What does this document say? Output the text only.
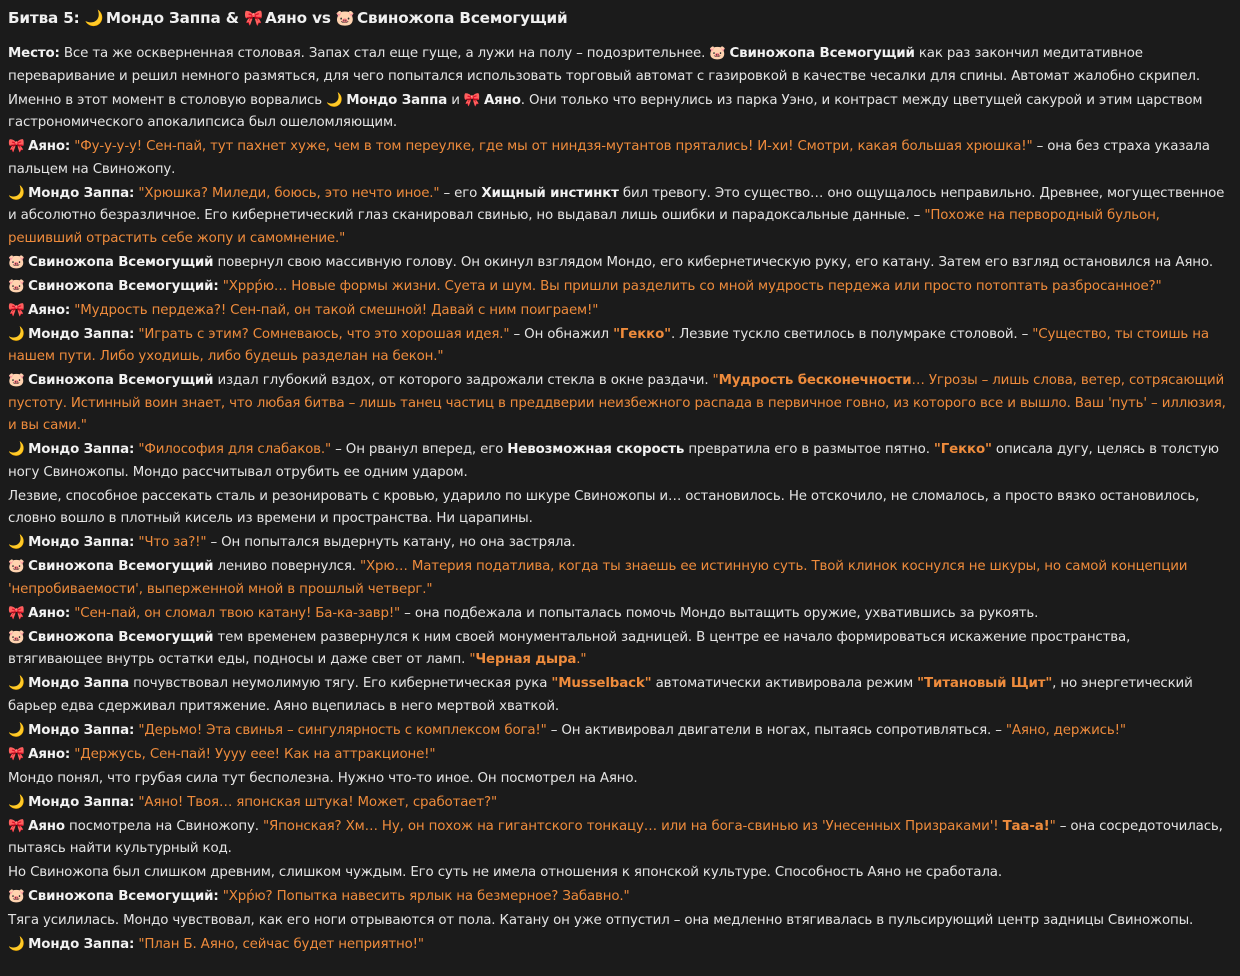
Битва 5: 🌙 Мондо Заппа & 🎀 Аяно vs 🐷 Свиножопа Всемогущий

Место: Все та же оскверненная столовая. Запах стал еще гуще, а лужи на полу – подозрительнее. 🐷 Свиножопа Всемогущий как раз закончил медитативное переваривание и решил немного размяться, для чего попытался использовать торговый автомат с газировкой в качестве чесалки для спины. Автомат жалобно скрипел.

Именно в этот момент в столовую ворвались 🌙 Мондо Заппа и 🎀 Аяно. Они только что вернулись из парка Уэно, и контраст между цветущей сакурой и этим царством гастрономического апокалипсиса был ошеломляющим.

🎀 Аяно: "Фу-у-у-у! Сен-пай, тут пахнет хуже, чем в том переулке, где мы от ниндзя-мутантов прятались! И-хи! Смотри, какая большая хрюшка!" – она без страха указала пальцем на Свиножопу.

🌙 Мондо Заппа: "Хрюшка? Миледи, боюсь, это нечто иное." – его Хищный инстинкт бил тревогу. Это существо… оно ощущалось неправильно. Древнее, могущественное и абсолютно безразличное. Его кибернетический глаз сканировал свинью, но выдавал лишь ошибки и парадоксальные данные. – "Похоже на первородный бульон, решивший отрастить себе жопу и самомнение."

🐷 Свиножопа Всемогущий повернул свою массивную голову. Он окинул взглядом Мондо, его кибернетическую руку, его катану. Затем его взгляд остановился на Аяно.

🐷 Свиножопа Всемогущий: "Хррр́ю… Новые формы жизни. Суета и шум. Вы пришли разделить со мной мудрость пердежа или просто потоптать разбросанное?"

🎀 Аяно: "Мудрость пердежа?! Сен-пай, он такой смешной! Давай с ним поиграем!"

🌙 Мондо Заппа: "Играть с этим? Сомневаюсь, что это хорошая идея." – Он обнажил "Гекко". Лезвие тускло светилось в полумраке столовой. – "Существо, ты стоишь на нашем пути. Либо уходишь, либо будешь разделан на бекон."

🐷 Свиножопа Всемогущий издал глубокий вздох, от которого задрожали стекла в окне раздачи. "Мудрость бесконечности… Угрозы – лишь слова, ветер, сотрясающий пустоту. Истинный воин знает, что любая битва – лишь танец частиц в преддверии неизбежного распада в первичное говно, из которого все и вышло. Ваш 'путь' – иллюзия, и вы сами."

🌙 Мондо Заппа: "Философия для слабаков." – Он рванул вперед, его Невозможная скорость превратила его в размытое пятно. "Гекко" описала дугу, целясь в толстую ногу Свиножопы. Мондо рассчитывал отрубить ее одним ударом.

Лезвие, способное рассекать сталь и резонировать с кровью, ударило по шкуре Свиножопы и… остановилось. Не отскочило, не сломалось, а просто вязко остановилось, словно вошло в плотный кисель из времени и пространства. Ни царапины.

🌙 Мондо Заппа: "Что за?!" – Он попытался выдернуть катану, но она застряла.

🐷 Свиножопа Всемогущий лениво повернулся. "Хрю… Материя податлива, когда ты знаешь ее истинную суть. Твой клинок коснулся не шкуры, но самой концепции 'непробиваемости', выперженной мной в прошлый четверг."

🎀 Аяно: "Сен-пай, он сломал твою катану! Ба-ка-завр!" – она подбежала и попыталась помочь Мондо вытащить оружие, ухватившись за рукоять.

🐷 Свиножопа Всемогущий тем временем развернулся к ним своей монументальной задницей. В центре ее начало формироваться искажение пространства, втягивающее внутрь остатки еды, подносы и даже свет от ламп. "Черная дыра."

🌙 Мондо Заппа почувствовал неумолимую тягу. Его кибернетическая рука "Musselback" автоматически активировала режим "Титановый Щит", но энергетический барьер едва сдерживал притяжение. Аяно вцепилась в него мертвой хваткой.

🌙 Мондо Заппа: "Дерьмо! Эта свинья – сингулярность с комплексом бога!" – Он активировал двигатели в ногах, пытаясь сопротивляться. – "Аяно, держись!"

🎀 Аяно: "Держусь, Сен-пай! Уууу еее! Как на аттракционе!"

Мондо понял, что грубая сила тут бесполезна. Нужно что-то иное. Он посмотрел на Аяно.

🌙 Мондо Заппа: "Аяно! Твоя… японская штука! Может, сработает?"

🎀 Аяно посмотрела на Свиножопу. "Японская? Хм… Ну, он похож на гигантского тонкацу… или на бога-свинью из 'Унесенных Призраками'! Таа-а!" – она сосредоточилась, пытаясь найти культурный код.

Но Свиножопа был слишком древним, слишком чуждым. Его суть не имела отношения к японской культуре. Способность Аяно не сработала.

🐷 Свиножопа Всемогущий: "Хрр́ю? Попытка навесить ярлык на безмерное? Забавно."

Тяга усилилась. Мондо чувствовал, как его ноги отрываются от пола. Катану он уже отпустил – она медленно втягивалась в пульсирующий центр задницы Свиножопы.

🌙 Мондо Заппа: "План Б. Аяно, сейчас будет неприятно!"
